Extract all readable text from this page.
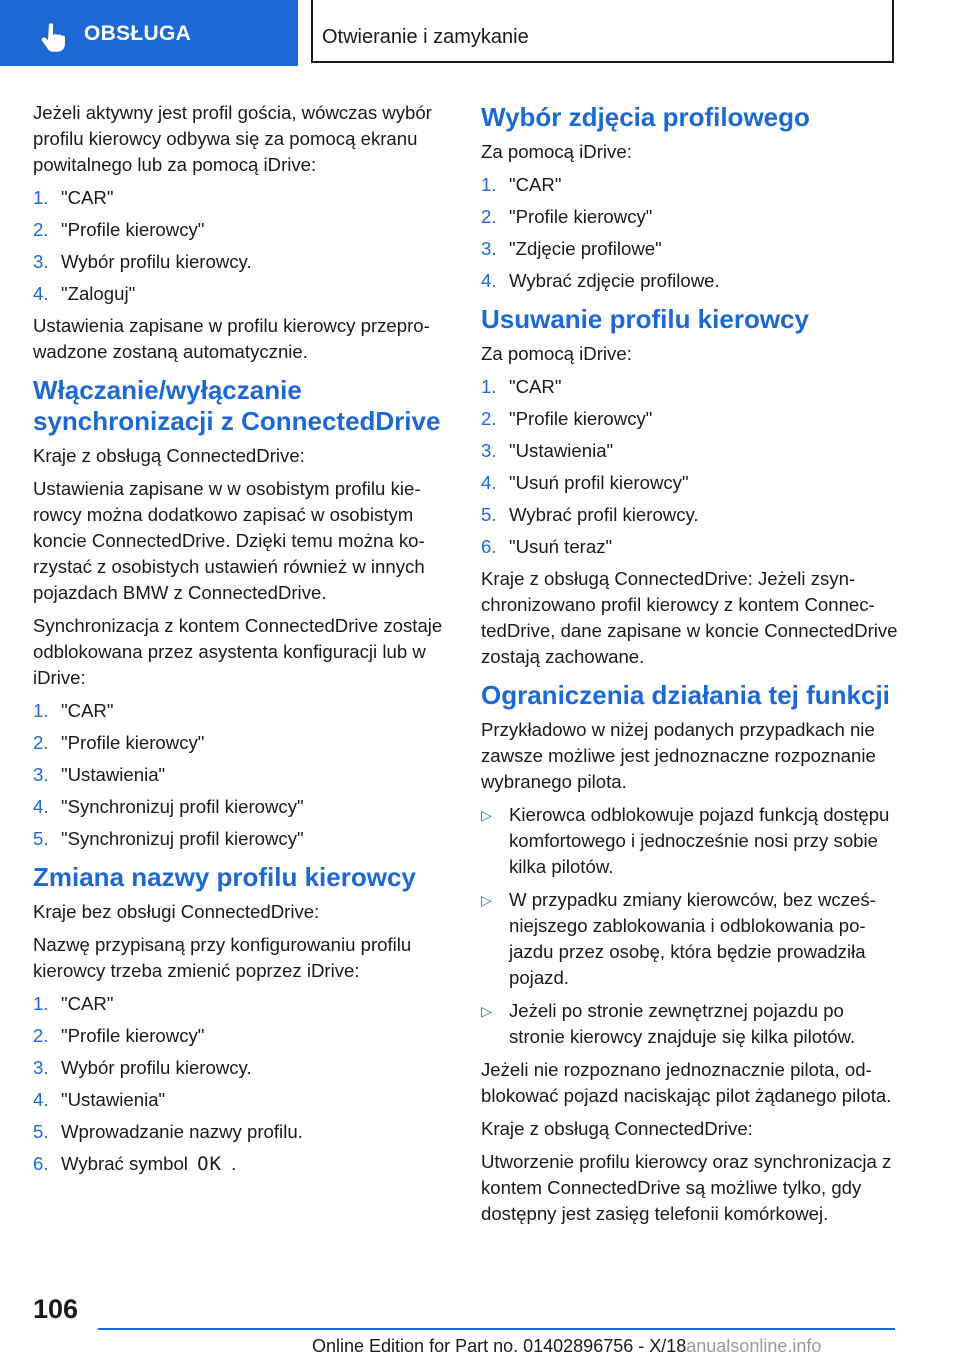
OBSŁUGA	Otwieranie i zamykanie

Jeżeli aktywny jest profil gościa, wówczas wybór profilu kierowcy odbywa się za pomocą ekranu powitalnego lub za pomocą iDrive:

1. "CAR"
2. "Profile kierowcy"
3. Wybór profilu kierowcy.
4. "Zaloguj"

Ustawienia zapisane w profilu kierowcy przeprowadzone zostaną automatycznie.

Włączanie/wyłączanie synchronizacji z ConnectedDrive

Kraje z obsługą ConnectedDrive:

Ustawienia zapisane w w osobistym profilu kierowcy można dodatkowo zapisać w osobistym koncie ConnectedDrive. Dzięki temu można korzystać z osobistych ustawień również w innych pojazdach BMW z ConnectedDrive.

Synchronizacja z kontem ConnectedDrive zostaje odblokowana przez asystenta konfiguracji lub w iDrive:

1. "CAR"
2. "Profile kierowcy"
3. "Ustawienia"
4. "Synchronizuj profil kierowcy"
5. "Synchronizuj profil kierowcy"
Zmiana nazwy profilu kierowcy

Kraje bez obsługi ConnectedDrive:

Nazwę przypisaną przy konfigurowaniu profilu kierowcy trzeba zmienić poprzez iDrive:

1. "CAR"
2. "Profile kierowcy"
3. Wybór profilu kierowcy.
4. "Ustawienia"
5. Wprowadzanie nazwy profilu.
6. Wybrać symbol OK .
Wybór zdjęcia profilowego

Za pomocą iDrive:

1. "CAR"
2. "Profile kierowcy"
3. "Zdjęcie profilowe"
4. Wybrać zdjęcie profilowe.
Usuwanie profilu kierowcy

Za pomocą iDrive:

1. "CAR"
2. "Profile kierowcy"
3. "Ustawienia"
4. "Usuń profil kierowcy"
5. Wybrać profil kierowcy.
6. "Usuń teraz"

Kraje z obsługą ConnectedDrive: Jeżeli zsynchronizowano profil kierowcy z kontem ConnectedDrive, dane zapisane w koncie ConnectedDrive zostają zachowane.

Ograniczenia działania tej funkcji

Przykładowo w niżej podanych przypadkach nie zawsze możliwe jest jednoznaczne rozpoznanie wybranego pilota.

▷ Kierowca odblokowuje pojazd funkcją dostępu komfortowego i jednocześnie nosi przy sobie kilka pilotów.
▷ W przypadku zmiany kierowców, bez wcześniejszego zablokowania i odblokowania pojazdu przez osobę, która będzie prowadziła pojazd.
▷ Jeżeli po stronie zewnętrznej pojazdu po stronie kierowcy znajduje się kilka pilotów.

Jeżeli nie rozpoznano jednoznacznie pilota, odblokować pojazd naciskając pilot żądanego pilota.

Kraje z obsługą ConnectedDrive:

Utworzenie profilu kierowcy oraz synchronizacja z kontem ConnectedDrive są możliwe tylko, gdy dostępny jest zasięg telefonii komórkowej.

106
Online Edition for Part no. 01402896756 - X/18anualsonline.info
